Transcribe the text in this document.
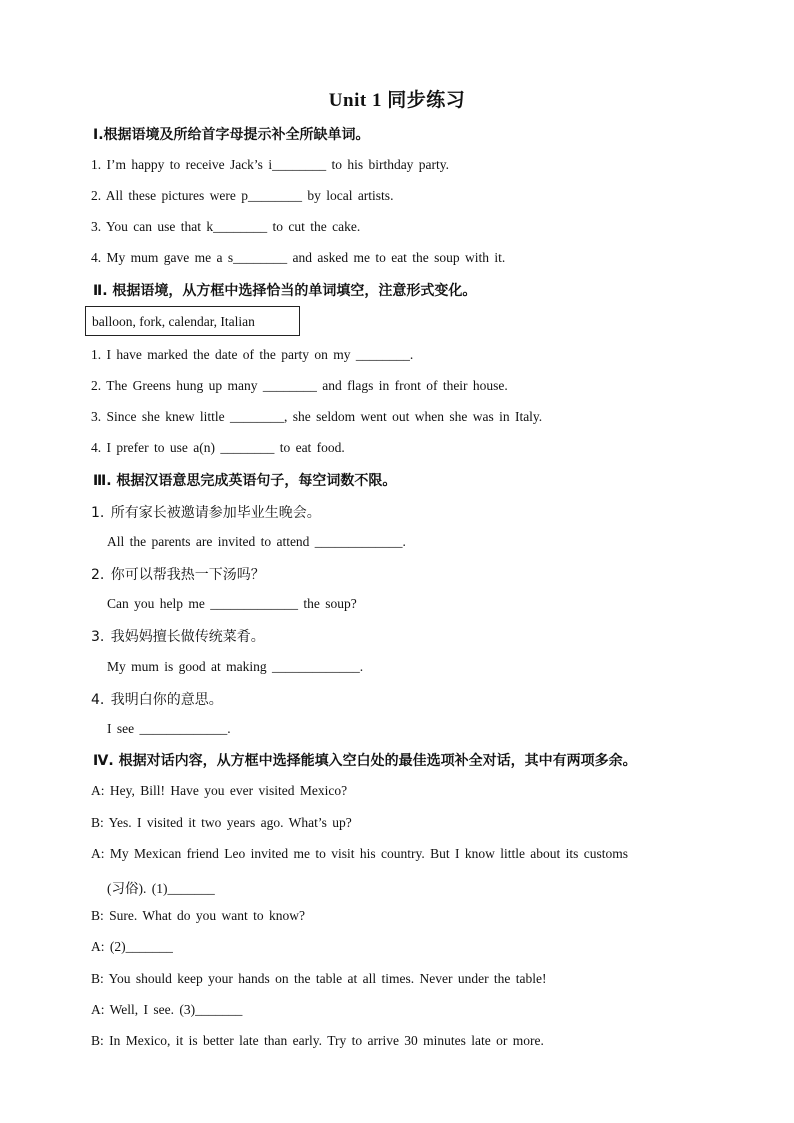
Unit 1 同步练习
Ⅰ.根据语境及所给首字母提示补全所缺单词。
1. I’m happy to receive Jack’s i________ to his birthday party.
2. All these pictures were p________ by local artists.
3. You can use that k________ to cut the cake.
4. My mum gave me a s________ and asked me to eat the soup with it.
Ⅱ. 根据语境，从方框中选择恰当的单词填空，注意形式变化。
balloon, fork, calendar, Italian
1. I have marked the date of the party on my ________.
2. The Greens hung up many ________ and flags in front of their house.
3. Since she knew little ________, she seldom went out when she was in Italy.
4. I prefer to use a(n) ________ to eat food.
Ⅲ. 根据汉语意思完成英语句子，每空词数不限。
1. 所有家长被邀请参加毕业生晚会。
All the parents are invited to attend _____________.
2. 你可以帮我热一下汤吗？
Can you help me _____________ the soup?
3. 我妈妈擅长做传统菜肴。
My mum is good at making _____________.
4. 我明白你的意思。
I see _____________.
Ⅳ. 根据对话内容，从方框中选择能填入空白处的最佳选项补全对话，其中有两项多余。
A: Hey, Bill! Have you ever visited Mexico?
B: Yes. I visited it two years ago. What’s up?
A: My Mexican friend Leo invited me to visit his country. But I know little about its customs
(习俗). (1)_______
B: Sure. What do you want to know?
A: (2)_______
B: You should keep your hands on the table at all times. Never under the table!
A: Well, I see. (3)_______
B: In Mexico, it is better late than early. Try to arrive 30 minutes late or more.
